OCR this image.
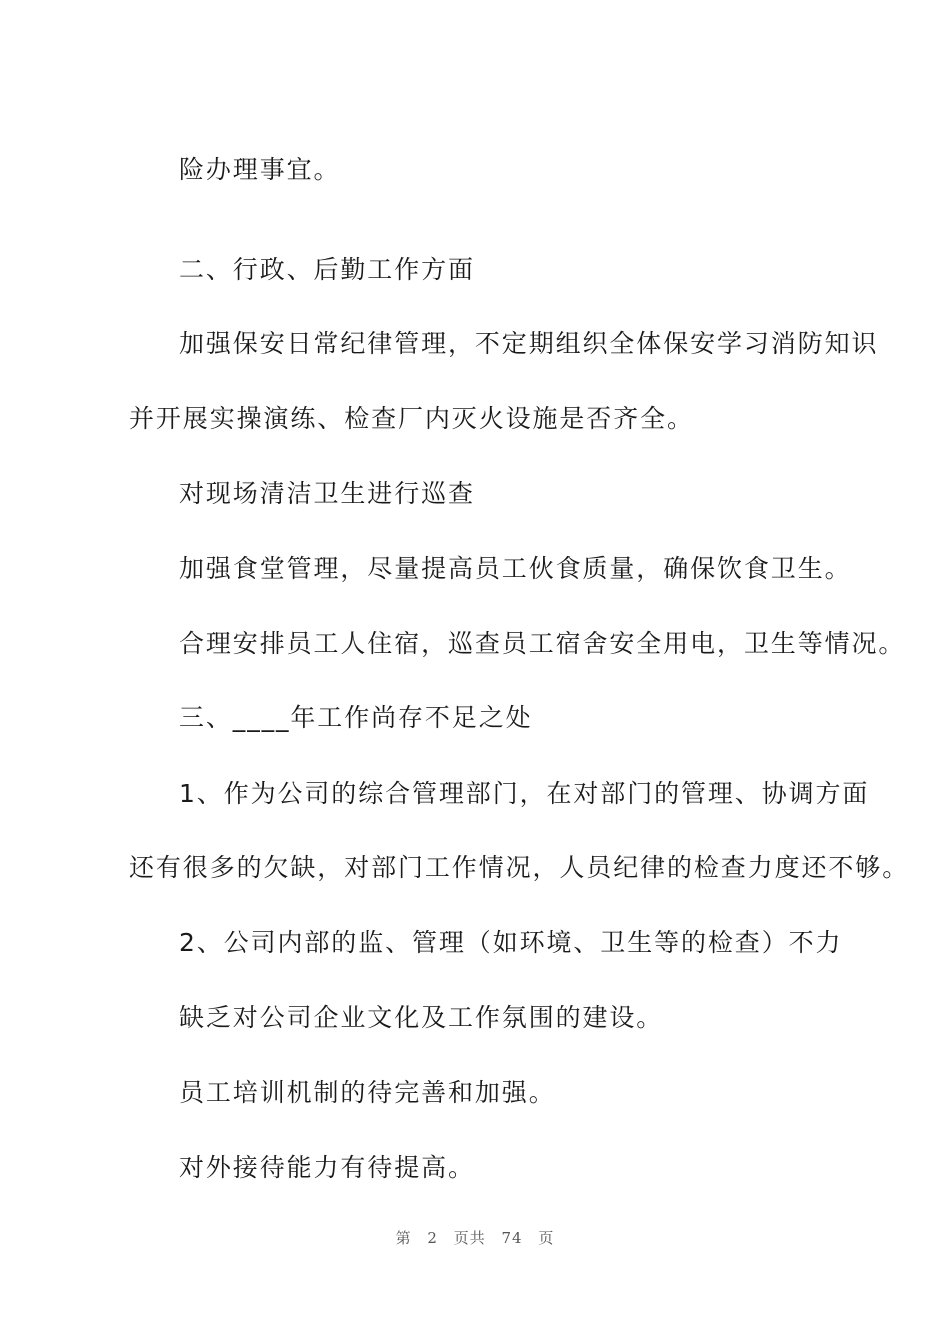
险办理事宜。
二、行政、后勤工作方面
加强保安日常纪律管理，不定期组织全体保安学习消防知识
并开展实操演练、检查厂内灭火设施是否齐全。
对现场清洁卫生进行巡查
加强食堂管理，尽量提高员工伙食质量，确保饮食卫生。
合理安排员工人住宿，巡查员工宿舍安全用电，卫生等情况。
三、____年工作尚存不足之处
1、作为公司的综合管理部门，在对部门的管理、协调方面
还有很多的欠缺，对部门工作情况，人员纪律的检查力度还不够。
2、公司内部的监、管理（如环境、卫生等的检查）不力
缺乏对公司企业文化及工作氛围的建设。
员工培训机制的待完善和加强。
对外接待能力有待提高。
第 2 页共 74 页
